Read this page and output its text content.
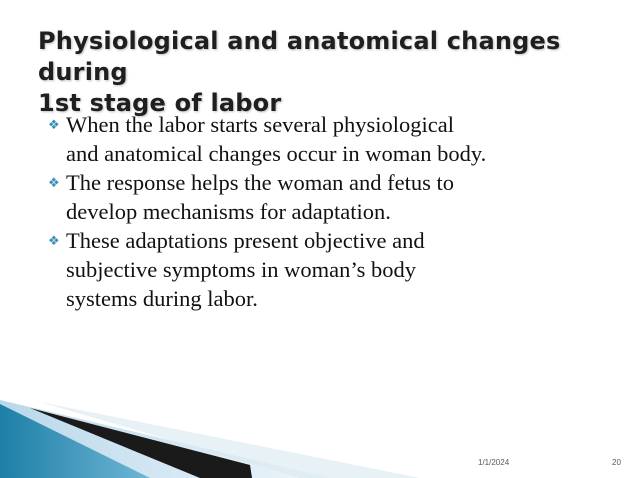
Physiological and anatomical changes during
1st stage of labor
❖ When the labor starts several physiological
and anatomical changes occur in woman body.
❖ The response helps the woman and fetus to
develop mechanisms for adaptation.
❖ These adaptations present objective and
subjective symptoms in woman’s body
systems during labor.
1/1/2024	20
